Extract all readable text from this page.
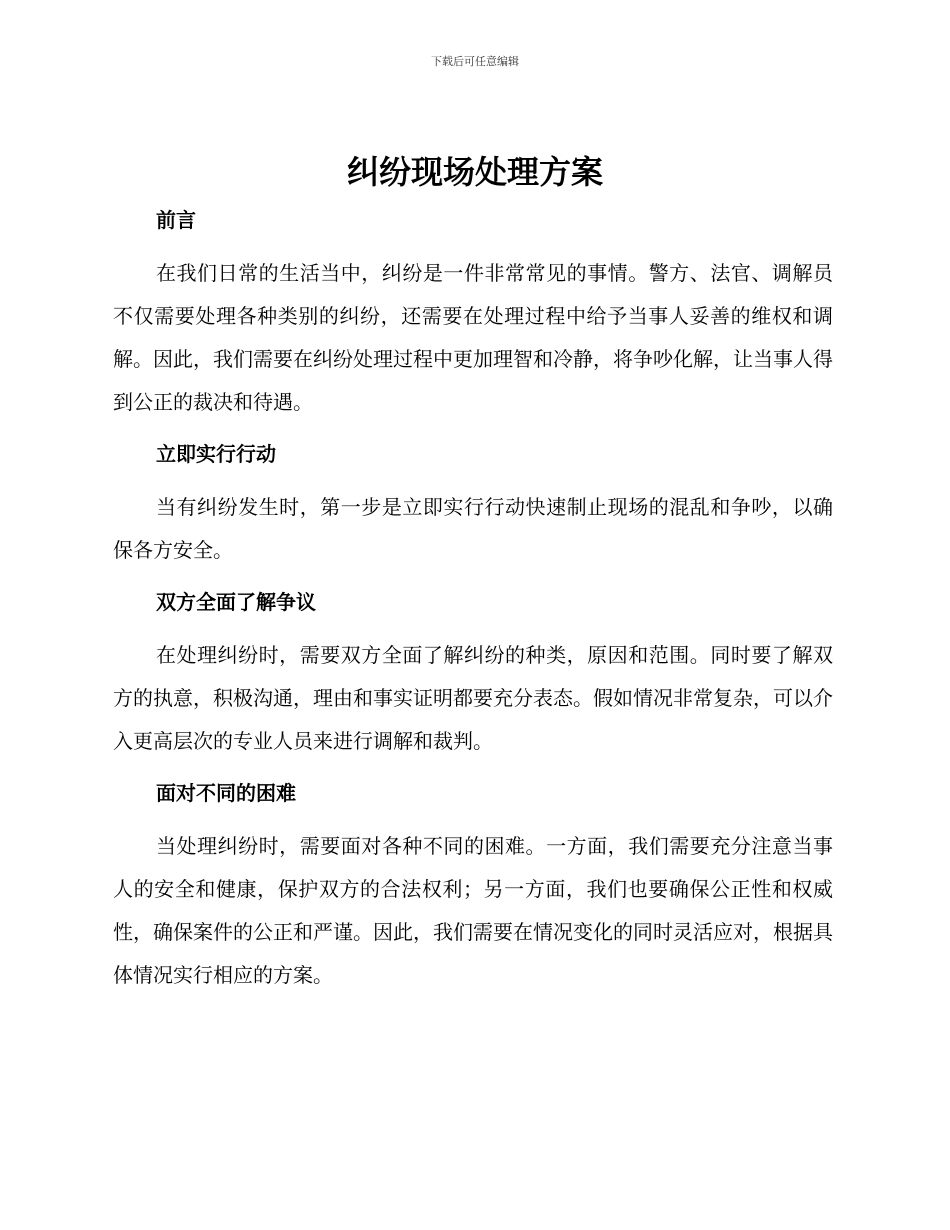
下载后可任意编辑
纠纷现场处理方案
前言

在我们日常的生活当中，纠纷是一件非常常见的事情。警方、法官、调解员不仅需要处理各种类别的纠纷，还需要在处理过程中给予当事人妥善的维权和调解。因此，我们需要在纠纷处理过程中更加理智和冷静，将争吵化解，让当事人得到公正的裁决和待遇。

立即实行行动

当有纠纷发生时，第一步是立即实行行动快速制止现场的混乱和争吵，以确保各方安全。

双方全面了解争议

在处理纠纷时，需要双方全面了解纠纷的种类，原因和范围。同时要了解双方的执意，积极沟通，理由和事实证明都要充分表态。假如情况非常复杂，可以介入更高层次的专业人员来进行调解和裁判。

面对不同的困难

当处理纠纷时，需要面对各种不同的困难。一方面，我们需要充分注意当事人的安全和健康，保护双方的合法权利；另一方面，我们也要确保公正性和权威性，确保案件的公正和严谨。因此，我们需要在情况变化的同时灵活应对，根据具体情况实行相应的方案。
